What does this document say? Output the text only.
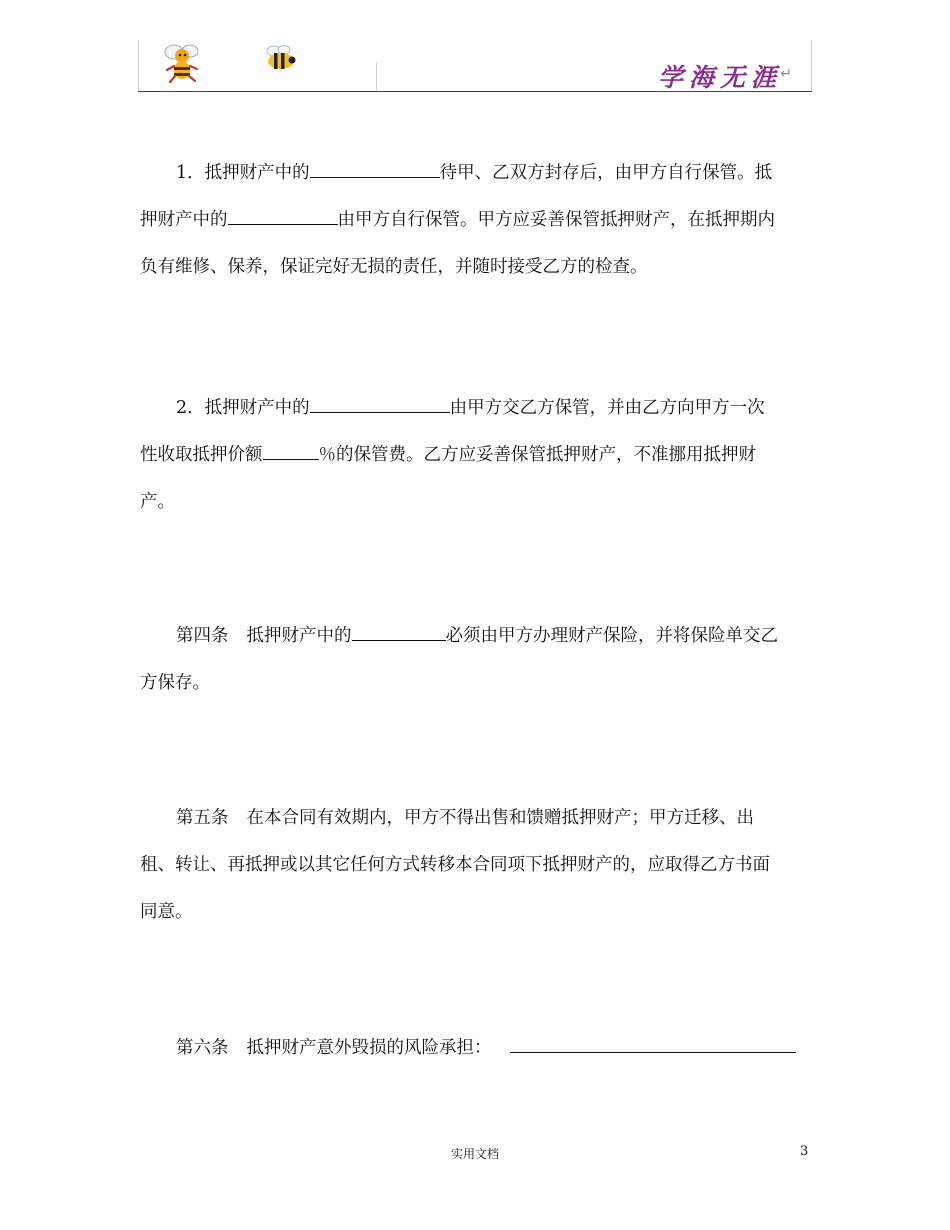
学海无涯
↵

1．抵押财产中的	待甲、乙双方封存后，由甲方自行保管。抵

押财产中的	由甲方自行保管。甲方应妥善保管抵押财产，在抵押期内

负有维修、保养，保证完好无损的责任，并随时接受乙方的检查。

2．抵押财产中的	由甲方交乙方保管，并由乙方向甲方一次

性收取抵押价额	％的保管费。乙方应妥善保管抵押财产，不准挪用抵押财

产。

第四条 抵押财产中的	必须由甲方办理财产保险，并将保险单交乙

方保存。

第五条 在本合同有效期内，甲方不得出售和馈赠抵押财产；甲方迁移、出

租、转让、再抵押或以其它任何方式转移本合同项下抵押财产的，应取得乙方书面

同意。

第六条 抵押财产意外毁损的风险承担：

实用文档	3
